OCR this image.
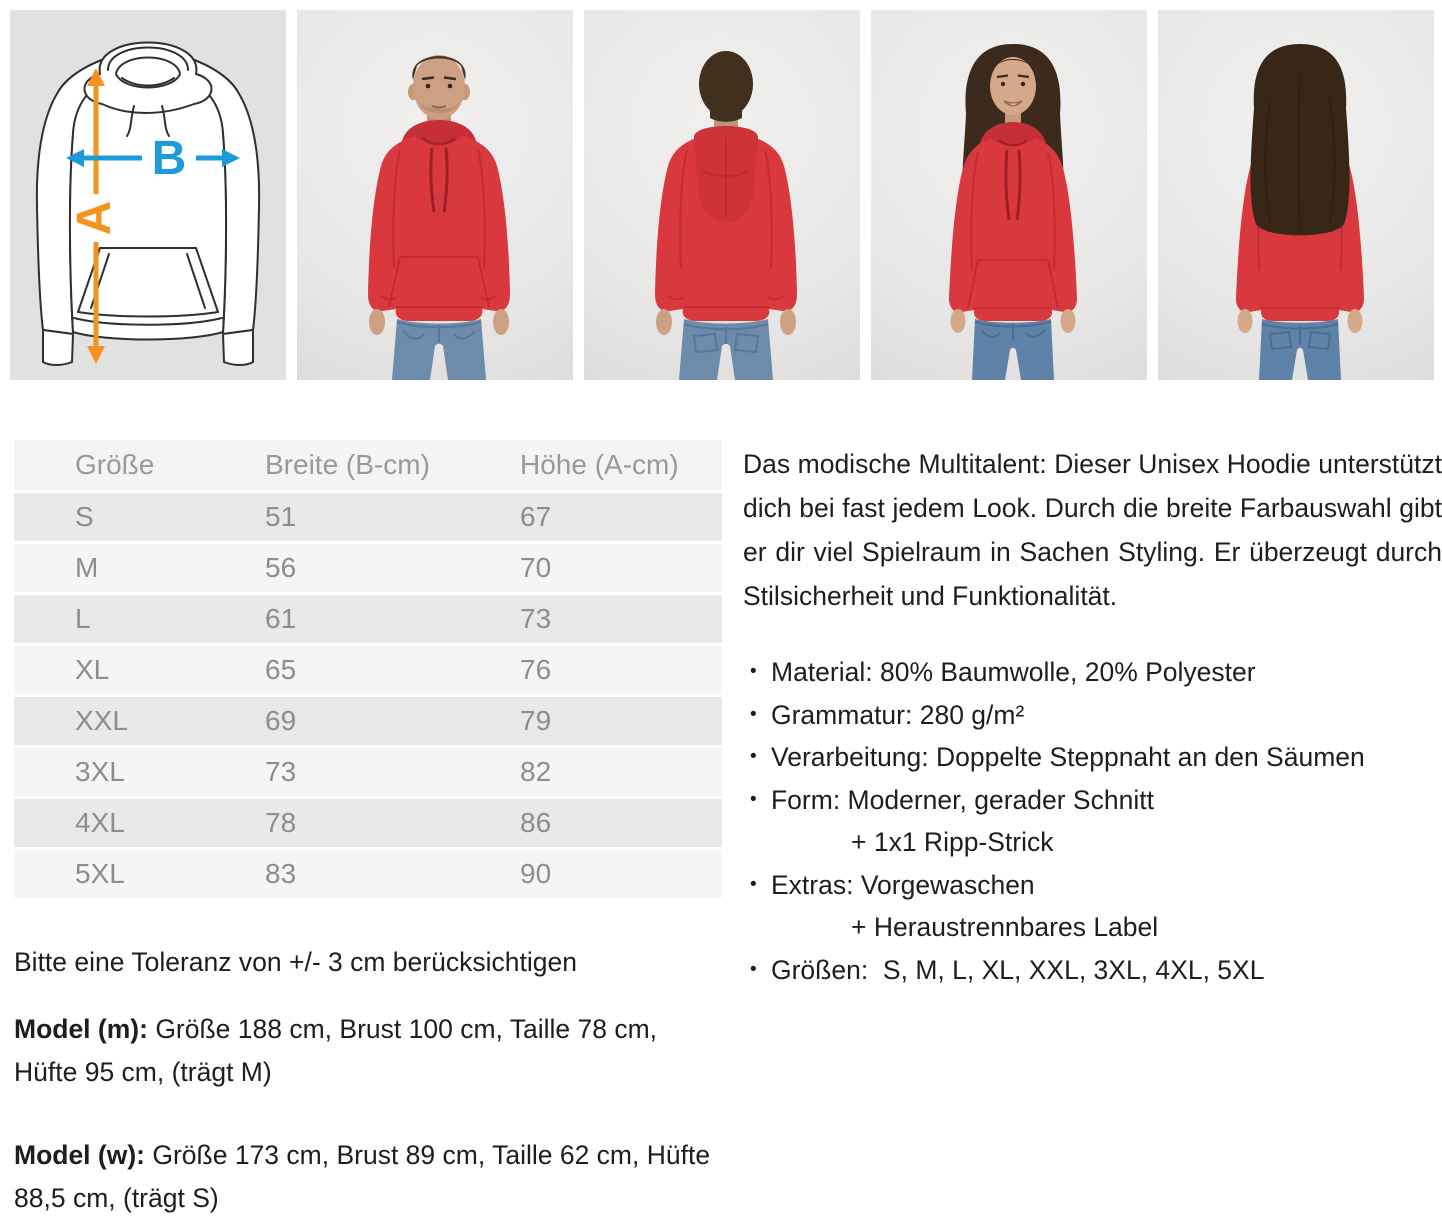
A
B
Größe	Breite (B-cm)	Höhe (A-cm)
S	51	67
M	56	70
L	61	73
XL	65	76
XXL	69	79
3XL	73	82
4XL	78	86
5XL	83	90
Bitte eine Toleranz von +/- 3 cm berücksichtigen

Model (m): Größe 188 cm, Brust 100 cm, Taille 78 cm, Hüfte 95 cm, (trägt M)

Model (w): Größe 173 cm, Brust 89 cm, Taille 62 cm, Hüfte 88,5 cm, (trägt S)

Das modische Multitalent: Dieser Unisex Hoodie unterstützt dich bei fast jedem Look. Durch die breite Farbauswahl gibt er dir viel Spielraum in Sachen Styling. Er überzeugt durch Stilsicherheit und Funktionalität.

• Material: 80% Baumwolle, 20% Polyester
• Grammatur: 280 g/m²
• Verarbeitung: Doppelte Steppnaht an den Säumen
• Form: Moderner, gerader Schnitt
+ 1x1 Ripp-Strick
• Extras: Vorgewaschen
+ Heraustrennbares Label
• Größen:  S, M, L, XL, XXL, 3XL, 4XL, 5XL
